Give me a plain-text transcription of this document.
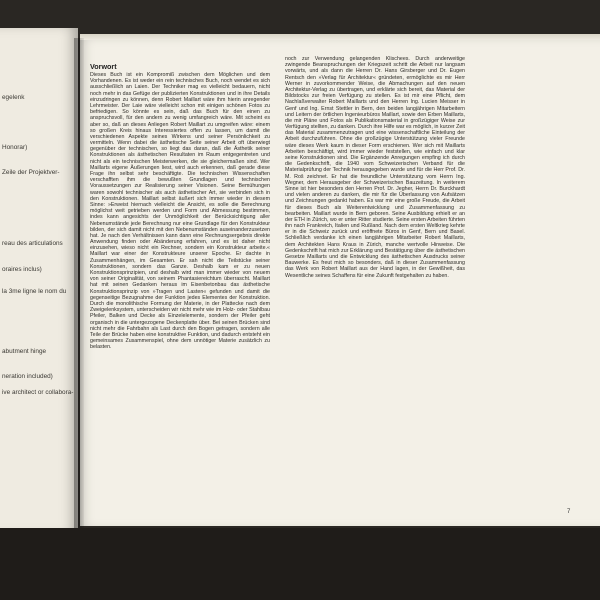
egelenk
Honorar)
Zeile der Projektver-
reau des articulations
oraires inclus)
la 3me ligne le nom du
abutment hinge
neration included)
ive architect or collabora-
Vorwort

Dieses Buch ist ein Kompromiß zwischen dem Möglichen und dem Vorhandenen. Es ist weder ein rein technisches Buch, noch wendet es sich ausschließlich an Laien. Der Techniker mag es vielleicht bedauern, nicht noch mehr in das Gefüge der publizierten Konstruktionen und in ihre Details einzudringen zu können, denn Robert Maillart wäre ihm hierin anregender Lehrmeister. Der Laie wäre vielleicht schon mit einigen schönen Fotos zu befriedigen. So könnte es sein, daß das Buch für den einen zu anspruchsvoll, für den andern zu wenig umfangreich wäre. Mit scheint es aber so, daß an dieses Anliegen Robert Maillart zu umgreifen wäre: einem so großen Kreis hinaus Interessiertes offen zu lassen, um damit die verschiedenen Aspekte seines Wirkens und seiner Persönlichkeit zu vermitteln. Wenn dabei die ästhetische Seite seiner Arbeit oft überwiegt gegenüber der technischen, so liegt das daran, daß die Ästhetik seiner Konstruktionen als ästhetischen Resultaten im Raum entgegentreten und nicht als ein technischen Meisterwerken, die sie gleichermaßen sind. Wer Maillarts eigene Äußerungen liest, wird auch erkennen, daß gerade diese Frage ihn selbst sehr beschäftigte. Die technischen Wissenschaften verschafften ihm die bewußten Grundlagen und technischen Voraussetzungen zur Realisierung seiner Visionen. Seine Bemühungen waren sowohl technischer als auch ästhetischer Art, sie verbinden sich in den Konstruktionen. Maillart selbst äußert sich immer wieder in diesem Sinne: »Erweist hiernach vielleicht die Ansicht, es solle die Berechnung möglichst weit getrieben werden und Form und Abmessung bestimmen, indes kann angesichts der Unmöglichkeit der Berücksichtigung aller Nebenumstände jede Berechnung nur eine Grundlage für den Konstrukteur bilden, der sich damit nicht mit den Nebenumständen auseinanderzusetzen hat. Je nach den Verhältnissen kann dann eine Rechnungsergebnis direkte Anwendung finden oder Abänderung erfahren, und es ist daher nicht einzusehen, wieso nicht ein Rechner, sondern ein Konstrukteur arbeite.« Maillart war einer der Konstrukteure unserer Epoche. Er dachte in Zusammenhängen, im Gesamten. Er sah nicht die Teilstücke seiner Konstruktionen, sondern das Ganze. Deshalb kam er zu neuen Konstruktionsprinzipien, und deshalb wird man immer wieder von neuem von seiner Originalität, von seinem Phantasiereichtum überrascht. Maillart hat mit seinen Gedanken heraus im Eisenbetonbau das ästhetische Konstruktionsprinzip von »Tragen und Lasten« gefunden und damit die gegenseitige Bezugnahme der Funktion jedes Elementes der Konstruktion. Durch die monolithische Formung der Materie, in der Plattecke nach dem Zweigelenksystem, unterscheiden wir nicht mehr wie im Holz- oder Stahlbau Pfeiler, Balken und Decke als Einzelelemente, sondern der Pfeiler geht organisch in die untergezogene Deckenplatte über. Bei seinen Brücken sind nicht mehr die Fahrbahn als Last durch den Bogen getragen, sondern alle Teile der Brücke haben eine konstruktive Funktion, und dadurch entsteht ein gemeinsames Zusammenspiel, ohne dem unnötiger Materie zusätzlich zu belasten.

noch zur Verwendung gelangenden Klischees. Durch anderweitige zwingende Beanspruchungen der Kriegszeit schritt die Arbeit nur langsam vorwärts, und als dann die Herren Dr. Hans Girsberger und Dr. Eugen Rentsch den »Verlag für Architektur« gründeten, ermöglichte es mir Herr Werner in zuvorkommender Weise, die Abmachungen auf den neuen Architektur-Verlag zu übertragen, und erklärte sich bereit, das Material der Bildstocks zur freien Verfügung zu stellen. Es ist mir eine Pflicht, dem Nachlaßverwalter Robert Maillarts und den Herren Ing. Lucien Meisser in Genf und Ing. Ernst Stettler in Bern, den beiden langjährigen Mitarbeitern und Leitern der örtlichen Ingenieurbüros Maillart, sowie den Erben Maillarts, die mir Pläne und Fotos als Publikationsmaterial in großzügiger Weise zur Verfügung stellten, zu danken. Durch ihre Hilfe war es möglich, in kurzer Zeit das Material zusammenzutragen und eine wissenschaftliche Einteilung der Arbeit durchzuführen. Ohne die großzügige Unterstützung vieler Freunde wäre dieses Werk kaum in dieser Form erschienen. Wer sich mit Maillarts Arbeiten beschäftigt, wird immer wieder feststellen, wie einfach und klar seine Konstruktionen sind. Die Ergänzende Anregungen empfing ich durch die Gedenkschrift, die 1940 vom Schweizerischen Verband für die Materialprüfung der Technik herausgegeben wurde und für die Herr Prof. Dr. M. Roš zeichnet. Er hat die freundliche Unterstützung vom Herrn Ing. Wegner, dem Herausgeber der Schweizerischen Bauzeitung. In weiterem Sinne ist hier besonders den Herren Prof. Dr. Jegher, Herrn Dr. Burckhardt und vielen anderen zu danken, die mir für die Überlassung von Aufsätzen und Zeichnungen gedankt haben. Es war mir eine große Freude, die Arbeit für dieses Buch als Weiterentwicklung und Zusammenfassung zu bearbeiten. Maillart wurde in Bern geboren. Seine Ausbildung erhielt er an der ETH in Zürich, wo er unter Ritter studierte. Seine ersten Arbeiten führten ihn nach Frankreich, Italien und Rußland. Nach dem ersten Weltkrieg kehrte er in die Schweiz zurück und eröffnete Büros in Genf, Bern und Basel. Schließlich verdanke ich einen langjährigen Mitarbeiter Robert Maillarts, dem Architekten Hans Kraus in Zürich, manche wertvolle Hinweise. Die Gedenkschrift hat mich zur Erklärung und Bestätigung über die ästhetischen Gesetze Maillarts und die Entwicklung des ästhetischen Ausdrucks seiner Bauwerke. Es freut mich so besonders, daß in dieser Zusammenfassung das Werk von Robert Maillart aus der Hand lagen, in der Gewißheit, das Wesentliche seines Schaffens für eine Zukunft festgehalten zu haben.

7
